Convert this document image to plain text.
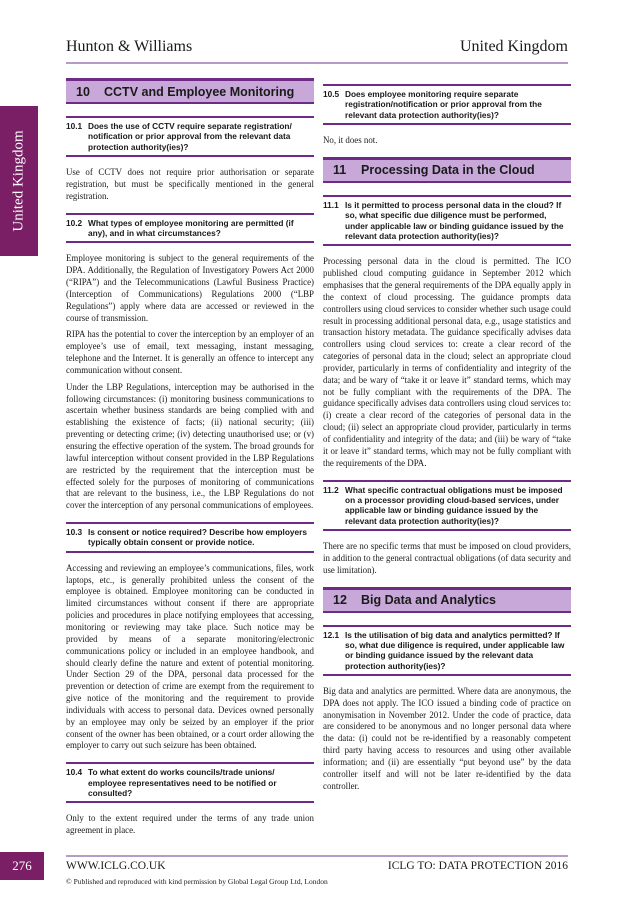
Hunton & Williams	United Kingdom
United Kingdom
10	CCTV and Employee Monitoring
10.1 Does the use of CCTV require separate registration/ notification or prior approval from the relevant data protection authority(ies)?

Use of CCTV does not require prior authorisation or separate registration, but must be specifically mentioned in the general registration.

10.2 What types of employee monitoring are permitted (if any), and in what circumstances?

Employee monitoring is subject to the general requirements of the DPA. Additionally, the Regulation of Investigatory Powers Act 2000 (“RIPA”) and the Telecommunications (Lawful Business Practice) (Interception of Communications) Regulations 2000 (“LBP Regulations”) apply where data are accessed or reviewed in the course of transmission.

RIPA has the potential to cover the interception by an employer of an employee’s use of email, text messaging, instant messaging, telephone and the Internet. It is generally an offence to intercept any communication without consent.

Under the LBP Regulations, interception may be authorised in the following circumstances: (i) monitoring business communications to ascertain whether business standards are being complied with and establishing the existence of facts; (ii) national security; (iii) preventing or detecting crime; (iv) detecting unauthorised use; or (v) ensuring the effective operation of the system. The broad grounds for lawful interception without consent provided in the LBP Regulations are restricted by the requirement that the interception must be effected solely for the purposes of monitoring of communications that are relevant to the business, i.e., the LBP Regulations do not cover the interception of any personal communications of employees.

10.3 Is consent or notice required? Describe how employers typically obtain consent or provide notice.

Accessing and reviewing an employee’s communications, files, work laptops, etc., is generally prohibited unless the consent of the employee is obtained. Employee monitoring can be conducted in limited circumstances without consent if there are appropriate policies and procedures in place notifying employees that accessing, monitoring or reviewing may take place. Such notice may be provided by means of a separate monitoring/electronic communications policy or included in an employee handbook, and should clearly define the nature and extent of potential monitoring. Under Section 29 of the DPA, personal data processed for the prevention or detection of crime are exempt from the requirement to give notice of the monitoring and the requirement to provide individuals with access to personal data. Devices owned personally by an employee may only be seized by an employer if the prior consent of the owner has been obtained, or a court order allowing the employer to carry out such seizure has been obtained.

10.4 To what extent do works councils/trade unions/ employee representatives need to be notified or consulted?

Only to the extent required under the terms of any trade union agreement in place.

10.5 Does employee monitoring require separate registration/notification or prior approval from the relevant data protection authority(ies)?

No, it does not.

11	Processing Data in the Cloud
11.1 Is it permitted to process personal data in the cloud? If so, what specific due diligence must be performed, under applicable law or binding guidance issued by the relevant data protection authority(ies)?

Processing personal data in the cloud is permitted. The ICO published cloud computing guidance in September 2012 which emphasises that the general requirements of the DPA equally apply in the context of cloud processing. The guidance prompts data controllers using cloud services to consider whether such usage could result in processing additional personal data, e.g., usage statistics and transaction history metadata. The guidance specifically advises data controllers using cloud services to: create a clear record of the categories of personal data in the cloud; select an appropriate cloud provider, particularly in terms of confidentiality and integrity of the data; and be wary of “take it or leave it” standard terms, which may not be fully compliant with the requirements of the DPA. The guidance specifically advises data controllers using cloud services to: (i) create a clear record of the categories of personal data in the cloud; (ii) select an appropriate cloud provider, particularly in terms of confidentiality and integrity of the data; and (iii) be wary of “take it or leave it” standard terms, which may not be fully compliant with the requirements of the DPA.

11.2 What specific contractual obligations must be imposed on a processor providing cloud-based services, under applicable law or binding guidance issued by the relevant data protection authority(ies)?

There are no specific terms that must be imposed on cloud providers, in addition to the general contractual obligations (of data security and use limitation).

12	Big Data and Analytics
12.1 Is the utilisation of big data and analytics permitted? If so, what due diligence is required, under applicable law or binding guidance issued by the relevant data protection authority(ies)?

Big data and analytics are permitted. Where data are anonymous, the DPA does not apply. The ICO issued a binding code of practice on anonymisation in November 2012. Under the code of practice, data are considered to be anonymous and no longer personal data where the data: (i) could not be re-identified by a reasonably competent third party having access to resources and using other available information; and (ii) are essentially “put beyond use” by the data controller itself and will not be later re-identified by the data controller.

276	WWW.ICLG.CO.UK	ICLG TO: DATA PROTECTION 2016
© Published and reproduced with kind permission by Global Legal Group Ltd, London
